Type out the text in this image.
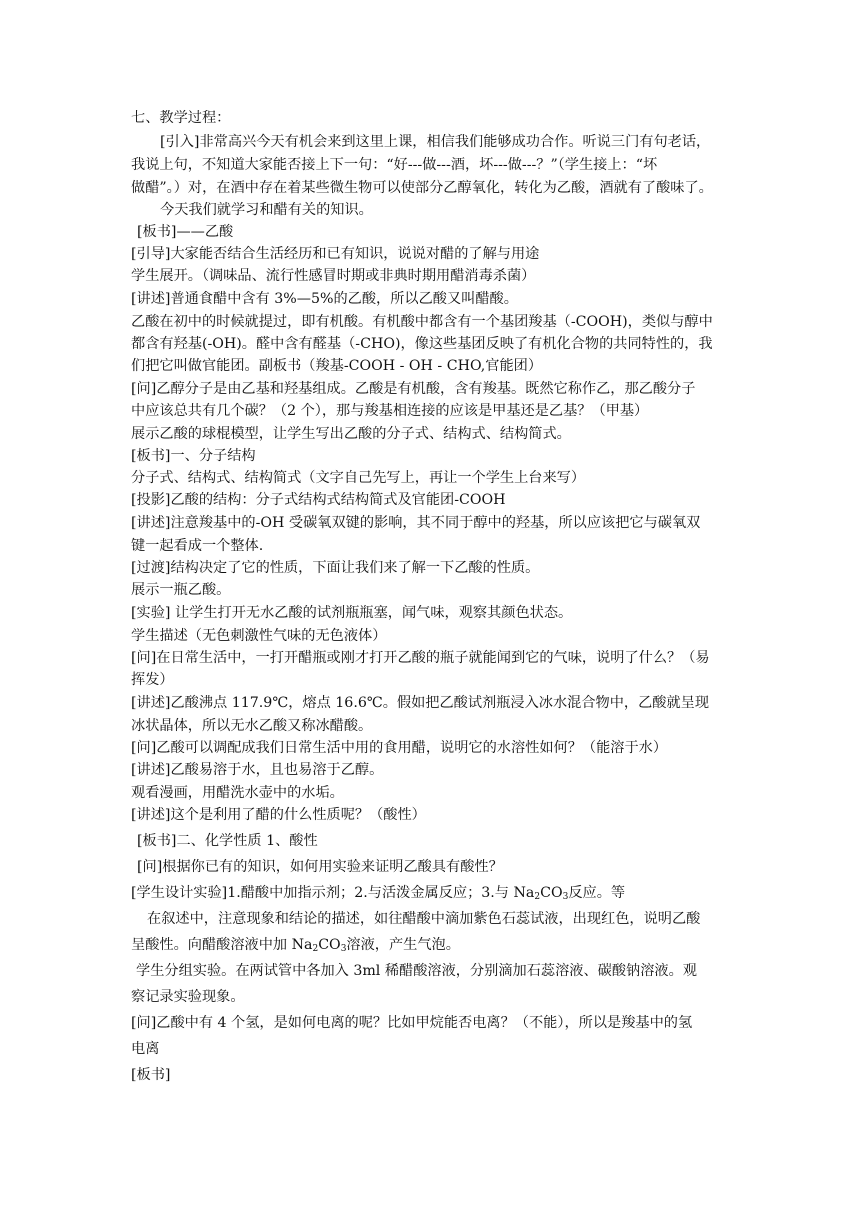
七、教学过程：
[引入]非常高兴今天有机会来到这里上课，相信我们能够成功合作。听说三门有句老话，
我说上句，不知道大家能否接上下一句：“好---做---酒，坏---做---？”（学生接上：“坏
做醋”。）对，在酒中存在着某些微生物可以使部分乙醇氧化，转化为乙酸，酒就有了酸味了。
今天我们就学习和醋有关的知识。
[板书]——乙酸
[引导]大家能否结合生活经历和已有知识，说说对醋的了解与用途
学生展开。（调味品、流行性感冒时期或非典时期用醋消毒杀菌）
[讲述]普通食醋中含有 3%—5%的乙酸，所以乙酸又叫醋酸。
乙酸在初中的时候就提过，即有机酸。有机酸中都含有一个基团羧基（-COOH)，类似与醇中
都含有羟基(-OH)。醛中含有醛基（-CHO)，像这些基团反映了有机化合物的共同特性的，我
们把它叫做官能团。副板书（羧基-COOH - OH - CHO,官能团）
[问]乙醇分子是由乙基和羟基组成。乙酸是有机酸，含有羧基。既然它称作乙，那乙酸分子
中应该总共有几个碳？（2 个），那与羧基相连接的应该是甲基还是乙基？（甲基）
展示乙酸的球棍模型，让学生写出乙酸的分子式、结构式、结构简式。
[板书]一、分子结构
分子式、结构式、结构简式（文字自己先写上，再让一个学生上台来写）
[投影]乙酸的结构：分子式结构式结构简式及官能团-COOH
[讲述]注意羧基中的-OH 受碳氧双键的影响，其不同于醇中的羟基，所以应该把它与碳氧双
键一起看成一个整体.
[过渡]结构决定了它的性质，下面让我们来了解一下乙酸的性质。
展示一瓶乙酸。
[实验] 让学生打开无水乙酸的试剂瓶瓶塞，闻气味，观察其颜色状态。
学生描述（无色刺激性气味的无色液体）
[问]在日常生活中，一打开醋瓶或刚才打开乙酸的瓶子就能闻到它的气味，说明了什么？（易
挥发）
[讲述]乙酸沸点 117.9℃，熔点 16.6℃。假如把乙酸试剂瓶浸入冰水混合物中，乙酸就呈现
冰状晶体，所以无水乙酸又称冰醋酸。
[问]乙酸可以调配成我们日常生活中用的食用醋，说明它的水溶性如何？（能溶于水）
[讲述]乙酸易溶于水，且也易溶于乙醇。
观看漫画，用醋洗水壶中的水垢。
[讲述]这个是利用了醋的什么性质呢？（酸性）
[板书]二、化学性质 1、酸性
[问]根据你已有的知识，如何用实验来证明乙酸具有酸性？
[学生设计实验]1.醋酸中加指示剂；2.与活泼金属反应；3.与 $Na_2CO_3$反应。等
在叙述中，注意现象和结论的描述，如往醋酸中滴加紫色石蕊试液，出现红色，说明乙酸
呈酸性。向醋酸溶液中加 $Na_2CO_3$溶液，产生气泡。
学生分组实验。在两试管中各加入 3ml 稀醋酸溶液，分别滴加石蕊溶液、碳酸钠溶液。观
察记录实验现象。
[问]乙酸中有 4 个氢，是如何电离的呢？比如甲烷能否电离？（不能），所以是羧基中的氢
电离
[板书]
